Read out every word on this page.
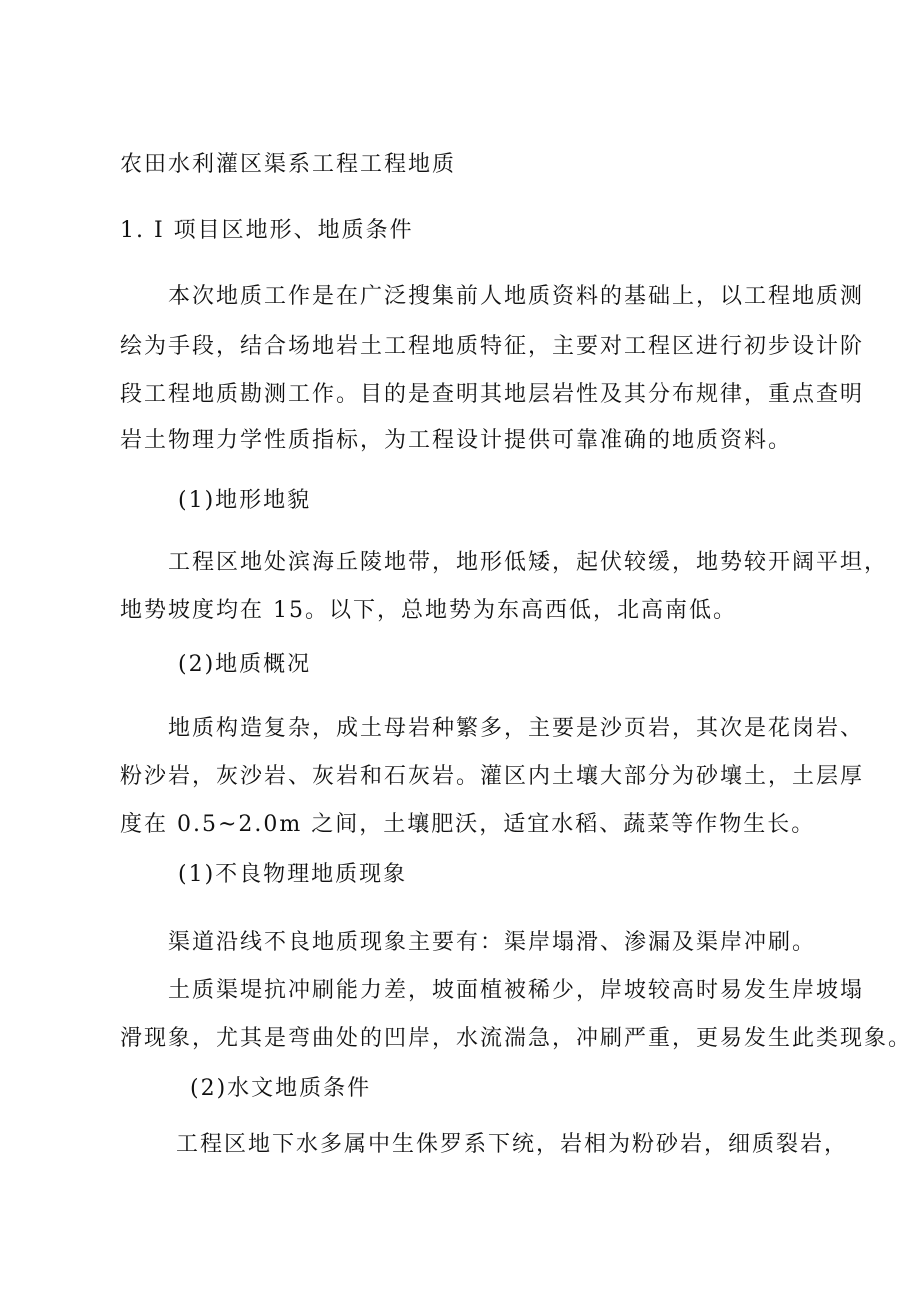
农田水利灌区渠系工程工程地质
1. I 项目区地形、地质条件
本次地质工作是在广泛搜集前人地质资料的基础上，以工程地质测
绘为手段，结合场地岩土工程地质特征，主要对工程区进行初步设计阶
段工程地质勘测工作。目的是查明其地层岩性及其分布规律，重点查明
岩土物理力学性质指标，为工程设计提供可靠准确的地质资料。
(1)地形地貌
工程区地处滨海丘陵地带，地形低矮，起伏较缓，地势较开阔平坦，
地势坡度均在 15。以下，总地势为东高西低，北高南低。
(2)地质概况
地质构造复杂，成土母岩种繁多，主要是沙页岩，其次是花岗岩、
粉沙岩，灰沙岩、灰岩和石灰岩。灌区内土壤大部分为砂壤土，土层厚
度在 0.5~2.0m 之间，土壤肥沃，适宜水稻、蔬菜等作物生长。
(1)不良物理地质现象
渠道沿线不良地质现象主要有：渠岸塌滑、渗漏及渠岸冲刷。
土质渠堤抗冲刷能力差，坡面植被稀少，岸坡较高时易发生岸坡塌
滑现象，尤其是弯曲处的凹岸，水流湍急，冲刷严重，更易发生此类现象。
(2)水文地质条件
工程区地下水多属中生侏罗系下统，岩相为粉砂岩，细质裂岩，
